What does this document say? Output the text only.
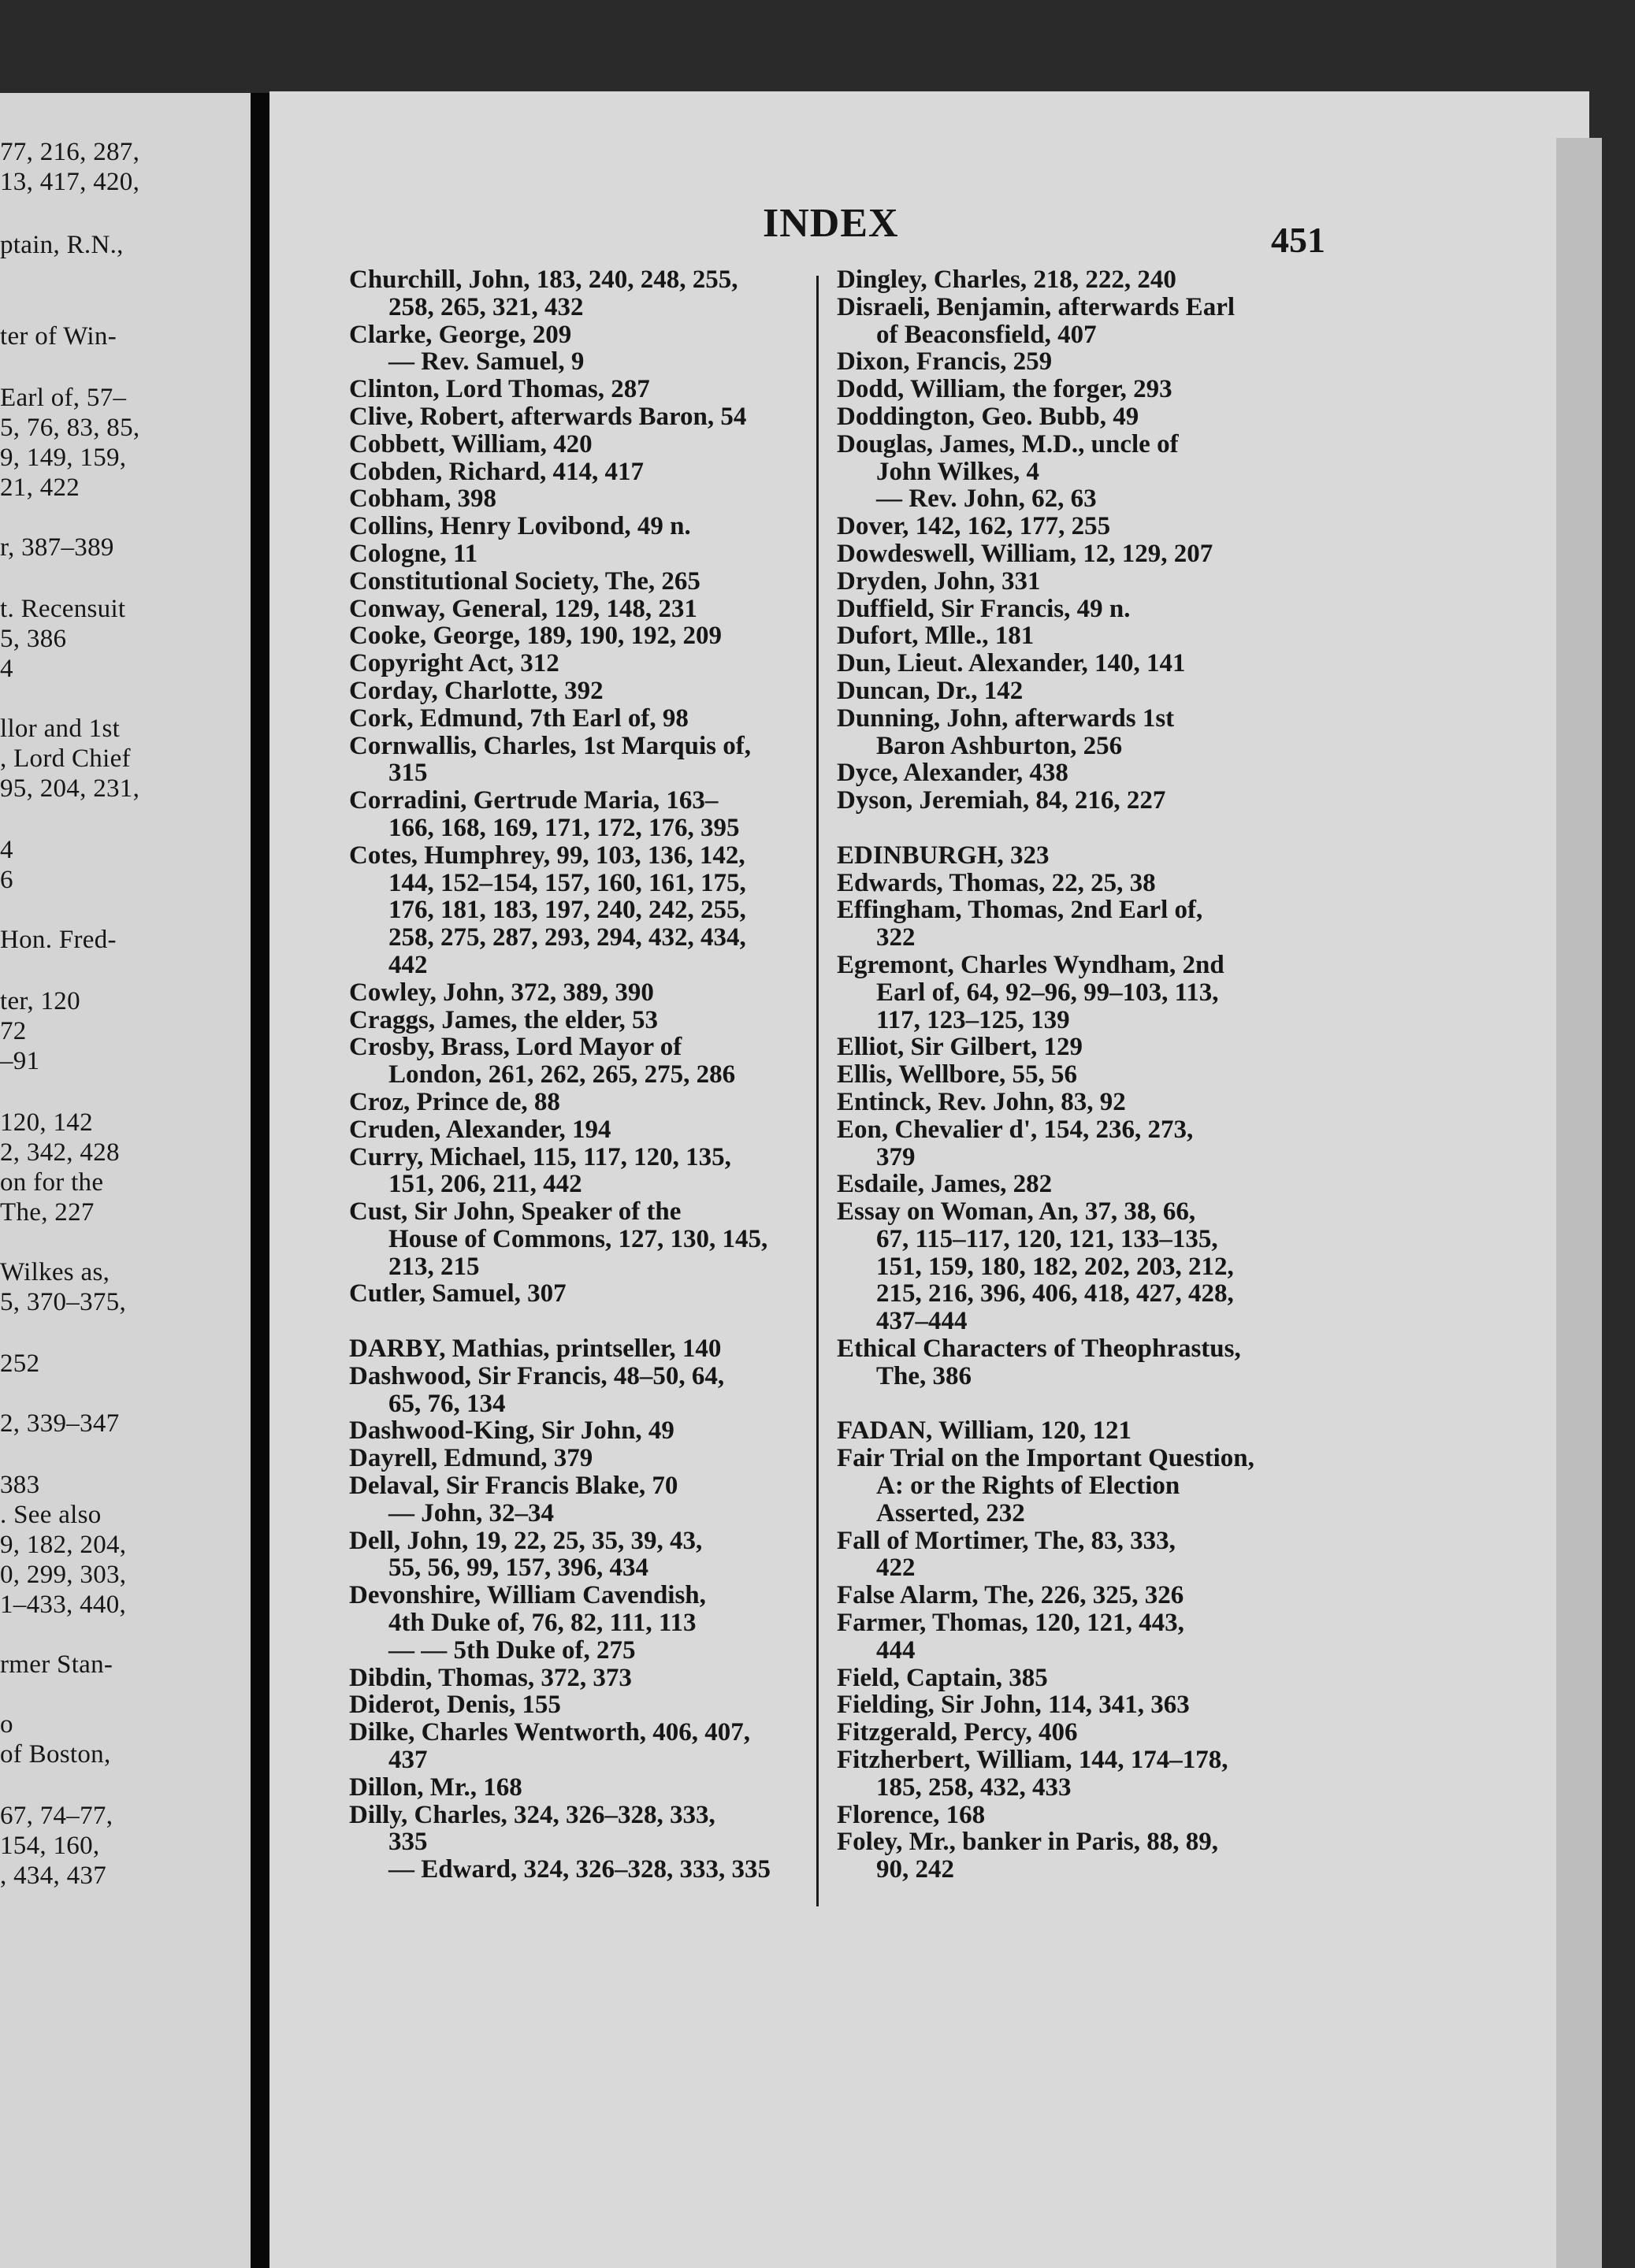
77, 216, 287,
13, 417, 420,
ptain, R.N.,
ter of Win-
Earl of, 57–
5, 76, 83, 85,
9, 149, 159,
21, 422
r, 387–389
t. Recensuit
5, 386
4
llor and 1st
, Lord Chief
95, 204, 231,
4
6
Hon. Fred-
ter, 120
72
–91
120, 142
2, 342, 428
on for the
The, 227
Wilkes as,
5, 370–375,
252
2, 339–347
383
. See also
9, 182, 204,
0, 299, 303,
1–433, 440,
rmer Stan-
o
of Boston,
67, 74–77,
154, 160,
, 434, 437
INDEX	451
Churchill, John, 183, 240, 248, 255,
258, 265, 321, 432
Clarke, George, 209
— Rev. Samuel, 9
Clinton, Lord Thomas, 287
Clive, Robert, afterwards Baron, 54
Cobbett, William, 420
Cobden, Richard, 414, 417
Cobham, 398
Collins, Henry Lovibond, 49 n.
Cologne, 11
Constitutional Society, The, 265
Conway, General, 129, 148, 231
Cooke, George, 189, 190, 192, 209
Copyright Act, 312
Corday, Charlotte, 392
Cork, Edmund, 7th Earl of, 98
Cornwallis, Charles, 1st Marquis of,
315
Corradini, Gertrude Maria, 163–
166, 168, 169, 171, 172, 176, 395
Cotes, Humphrey, 99, 103, 136, 142,
144, 152–154, 157, 160, 161, 175,
176, 181, 183, 197, 240, 242, 255,
258, 275, 287, 293, 294, 432, 434,
442
Cowley, John, 372, 389, 390
Craggs, James, the elder, 53
Crosby, Brass, Lord Mayor of
London, 261, 262, 265, 275, 286
Croz, Prince de, 88
Cruden, Alexander, 194
Curry, Michael, 115, 117, 120, 135,
151, 206, 211, 442
Cust, Sir John, Speaker of the
House of Commons, 127, 130, 145,
213, 215
Cutler, Samuel, 307
DARBY, Mathias, printseller, 140
Dashwood, Sir Francis, 48–50, 64,
65, 76, 134
Dashwood-King, Sir John, 49
Dayrell, Edmund, 379
Delaval, Sir Francis Blake, 70
— John, 32–34
Dell, John, 19, 22, 25, 35, 39, 43,
55, 56, 99, 157, 396, 434
Devonshire, William Cavendish,
4th Duke of, 76, 82, 111, 113
— — 5th Duke of, 275
Dibdin, Thomas, 372, 373
Diderot, Denis, 155
Dilke, Charles Wentworth, 406, 407,
437
Dillon, Mr., 168
Dilly, Charles, 324, 326–328, 333,
335
— Edward, 324, 326–328, 333, 335
Dingley, Charles, 218, 222, 240
Disraeli, Benjamin, afterwards Earl
of Beaconsfield, 407
Dixon, Francis, 259
Dodd, William, the forger, 293
Doddington, Geo. Bubb, 49
Douglas, James, M.D., uncle of
John Wilkes, 4
— Rev. John, 62, 63
Dover, 142, 162, 177, 255
Dowdeswell, William, 12, 129, 207
Dryden, John, 331
Duffield, Sir Francis, 49 n.
Dufort, Mlle., 181
Dun, Lieut. Alexander, 140, 141
Duncan, Dr., 142
Dunning, John, afterwards 1st
Baron Ashburton, 256
Dyce, Alexander, 438
Dyson, Jeremiah, 84, 216, 227
EDINBURGH, 323
Edwards, Thomas, 22, 25, 38
Effingham, Thomas, 2nd Earl of,
322
Egremont, Charles Wyndham, 2nd
Earl of, 64, 92–96, 99–103, 113,
117, 123–125, 139
Elliot, Sir Gilbert, 129
Ellis, Wellbore, 55, 56
Entinck, Rev. John, 83, 92
Eon, Chevalier d', 154, 236, 273,
379
Esdaile, James, 282
Essay on Woman, An, 37, 38, 66,
67, 115–117, 120, 121, 133–135,
151, 159, 180, 182, 202, 203, 212,
215, 216, 396, 406, 418, 427, 428,
437–444
Ethical Characters of Theophrastus,
The, 386
FADAN, William, 120, 121
Fair Trial on the Important Question,
A: or the Rights of Election
Asserted, 232
Fall of Mortimer, The, 83, 333,
422
False Alarm, The, 226, 325, 326
Farmer, Thomas, 120, 121, 443,
444
Field, Captain, 385
Fielding, Sir John, 114, 341, 363
Fitzgerald, Percy, 406
Fitzherbert, William, 144, 174–178,
185, 258, 432, 433
Florence, 168
Foley, Mr., banker in Paris, 88, 89,
90, 242
